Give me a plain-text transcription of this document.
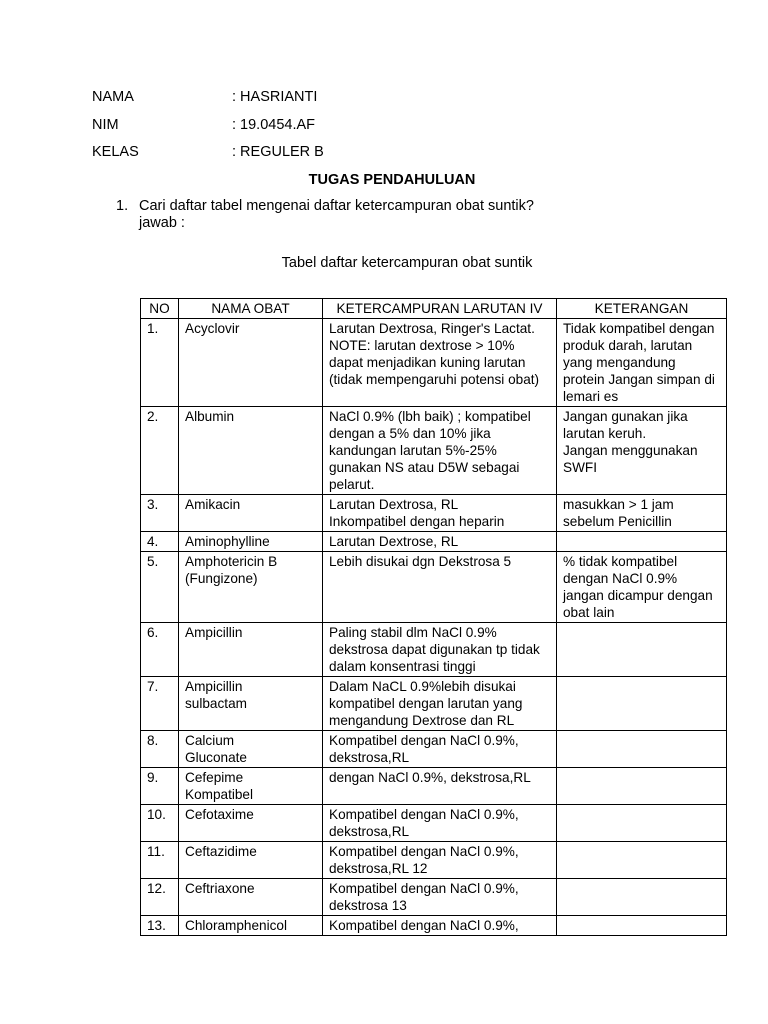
NAMA	: HASRIANTI
NIM	: 19.0454.AF
KELAS	: REGULER B
TUGAS PENDAHULUAN
1. Cari daftar tabel mengenai daftar ketercampuran obat suntik?
jawab :
Tabel daftar ketercampuran obat suntik
NO	NAMA OBAT	KETERCAMPURAN LARUTAN IV	KETERANGAN
1.	Acyclovir	Larutan Dextrosa, Ringer's Lactat. NOTE: larutan dextrose > 10% dapat menjadikan kuning larutan (tidak mempengaruhi potensi obat)	Tidak kompatibel dengan produk darah, larutan yang mengandung protein Jangan simpan di lemari es
2.	Albumin	NaCl 0.9% (lbh baik) ; kompatibel dengan a 5% dan 10% jika kandungan larutan 5%-25% gunakan NS atau D5W sebagai pelarut.	Jangan gunakan jika larutan keruh.
Jangan menggunakan SWFI
3.	Amikacin	Larutan Dextrosa, RL
Inkompatibel dengan heparin	masukkan > 1 jam sebelum Penicillin
4.	Aminophylline	Larutan Dextrose, RL	
5.	Amphotericin B
(Fungizone)	Lebih disukai dgn Dekstrosa 5	% tidak kompatibel dengan NaCl 0.9% jangan dicampur dengan obat lain
6.	Ampicillin	Paling stabil dlm NaCl 0.9% dekstrosa dapat digunakan tp tidak dalam konsentrasi tinggi	
7.	Ampicillin
sulbactam	Dalam NaCL 0.9%lebih disukai kompatibel dengan larutan yang mengandung Dextrose dan RL	
8.	Calcium
Gluconate	Kompatibel dengan NaCl 0.9%, dekstrosa,RL	
9.	Cefepime
Kompatibel	dengan NaCl 0.9%, dekstrosa,RL	
10.	Cefotaxime	Kompatibel dengan NaCl 0.9%, dekstrosa,RL	
11.	Ceftazidime	Kompatibel dengan NaCl 0.9%, dekstrosa,RL 12	
12.	Ceftriaxone	Kompatibel dengan NaCl 0.9%, dekstrosa 13	
13.	Chloramphenicol	Kompatibel dengan NaCl 0.9%,	
